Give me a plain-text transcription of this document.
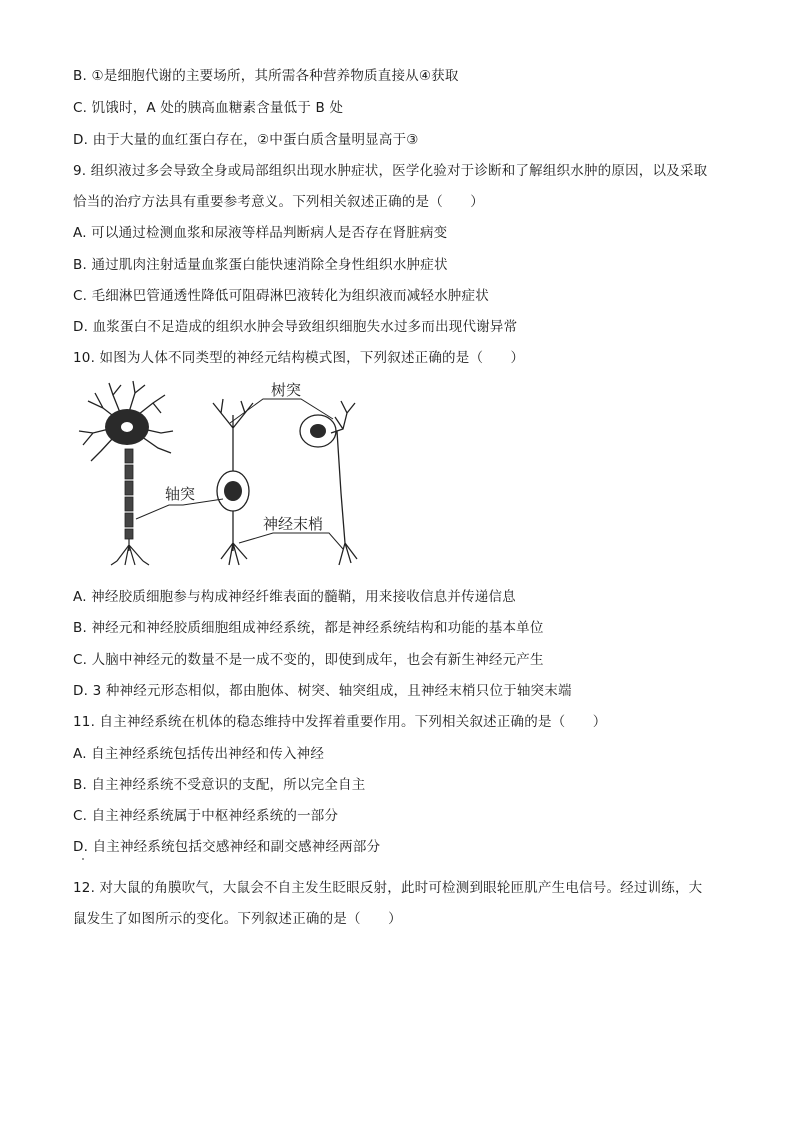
B. ①是细胞代谢的主要场所，其所需各种营养物质直接从④获取
C. 饥饿时，A 处的胰高血糖素含量低于 B 处
D. 由于大量的血红蛋白存在，②中蛋白质含量明显高于③
9. 组织液过多会导致全身或局部组织出现水肿症状，医学化验对于诊断和了解组织水肿的原因，以及采取
恰当的治疗方法具有重要参考意义。下列相关叙述正确的是（　　）
A. 可以通过检测血浆和尿液等样品判断病人是否存在肾脏病变
B. 通过肌肉注射适量血浆蛋白能快速消除全身性组织水肿症状
C. 毛细淋巴管通透性降低可阻碍淋巴液转化为组织液而减轻水肿症状
D. 血浆蛋白不足造成的组织水肿会导致组织细胞失水过多而出现代谢异常
10. 如图为人体不同类型的神经元结构模式图，下列叙述正确的是（　　）
树突
轴突
神经末梢
A. 神经胶质细胞参与构成神经纤维表面的髓鞘，用来接收信息并传递信息
B. 神经元和神经胶质细胞组成神经系统，都是神经系统结构和功能的基本单位
C. 人脑中神经元的数量不是一成不变的，即使到成年，也会有新生神经元产生
D. 3 种神经元形态相似，都由胞体、树突、轴突组成，且神经末梢只位于轴突末端
11. 自主神经系统在机体的稳态维持中发挥着重要作用。下列相关叙述正确的是（　　）
A. 自主神经系统包括传出神经和传入神经
B. 自主神经系统不受意识的支配，所以完全自主
C. 自主神经系统属于中枢神经系统的一部分
D. 自主神经系统包括交感神经和副交感神经两部分
12. 对大鼠的角膜吹气，大鼠会不自主发生眨眼反射，此时可检测到眼轮匝肌产生电信号。经过训练，大
鼠发生了如图所示的变化。下列叙述正确的是（　　）
